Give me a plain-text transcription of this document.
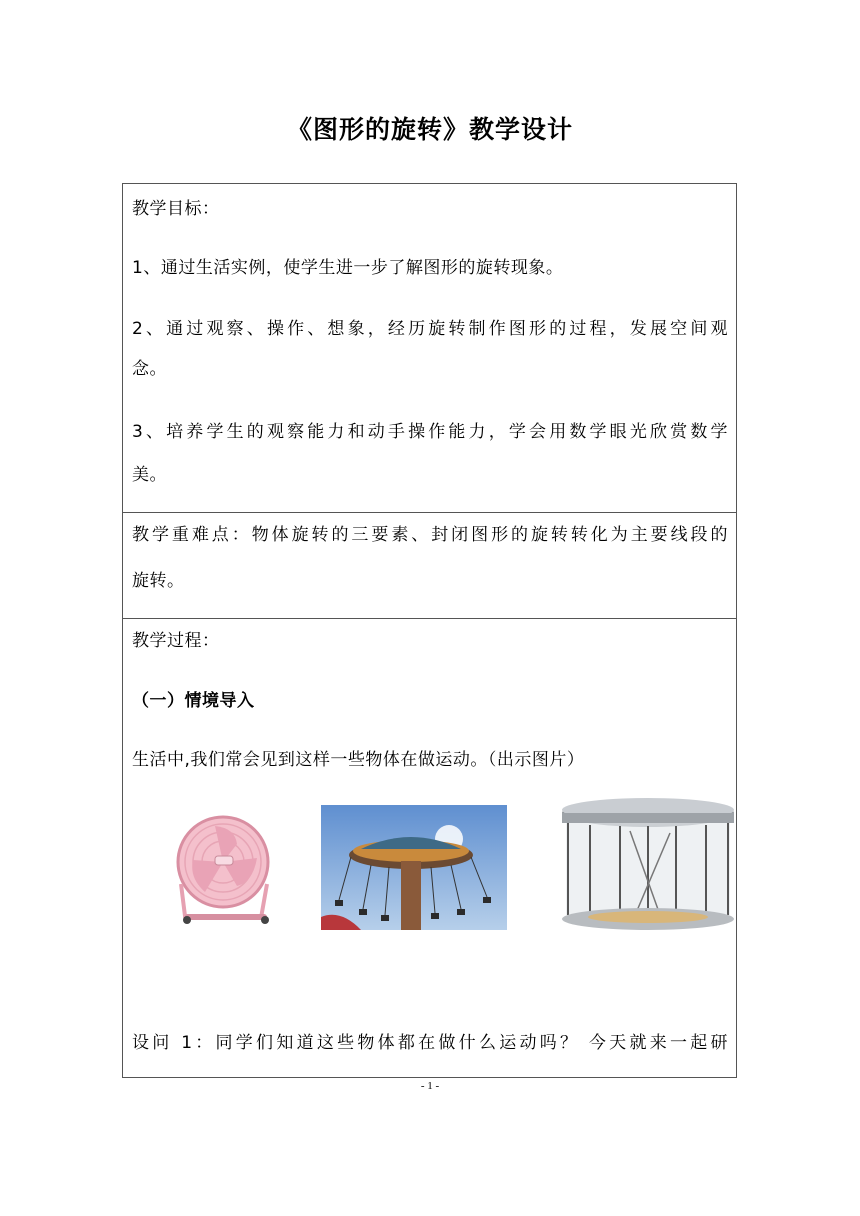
《图形的旋转》教学设计
教学目标：
1、通过生活实例，使学生进一步了解图形的旋转现象。
2、通过观察、操作、想象，经历旋转制作图形的过程，发展空间观
念。
3、培养学生的观察能力和动手操作能力，学会用数学眼光欣赏数学
美。
教学重难点：物体旋转的三要素、封闭图形的旋转转化为主要线段的
旋转。
教学过程：
（一）情境导入
生活中,我们常会见到这样一些物体在做运动。（出示图片）
设问 1：同学们知道这些物体都在做什么运动吗？ 今天就来一起研
- 1 -
